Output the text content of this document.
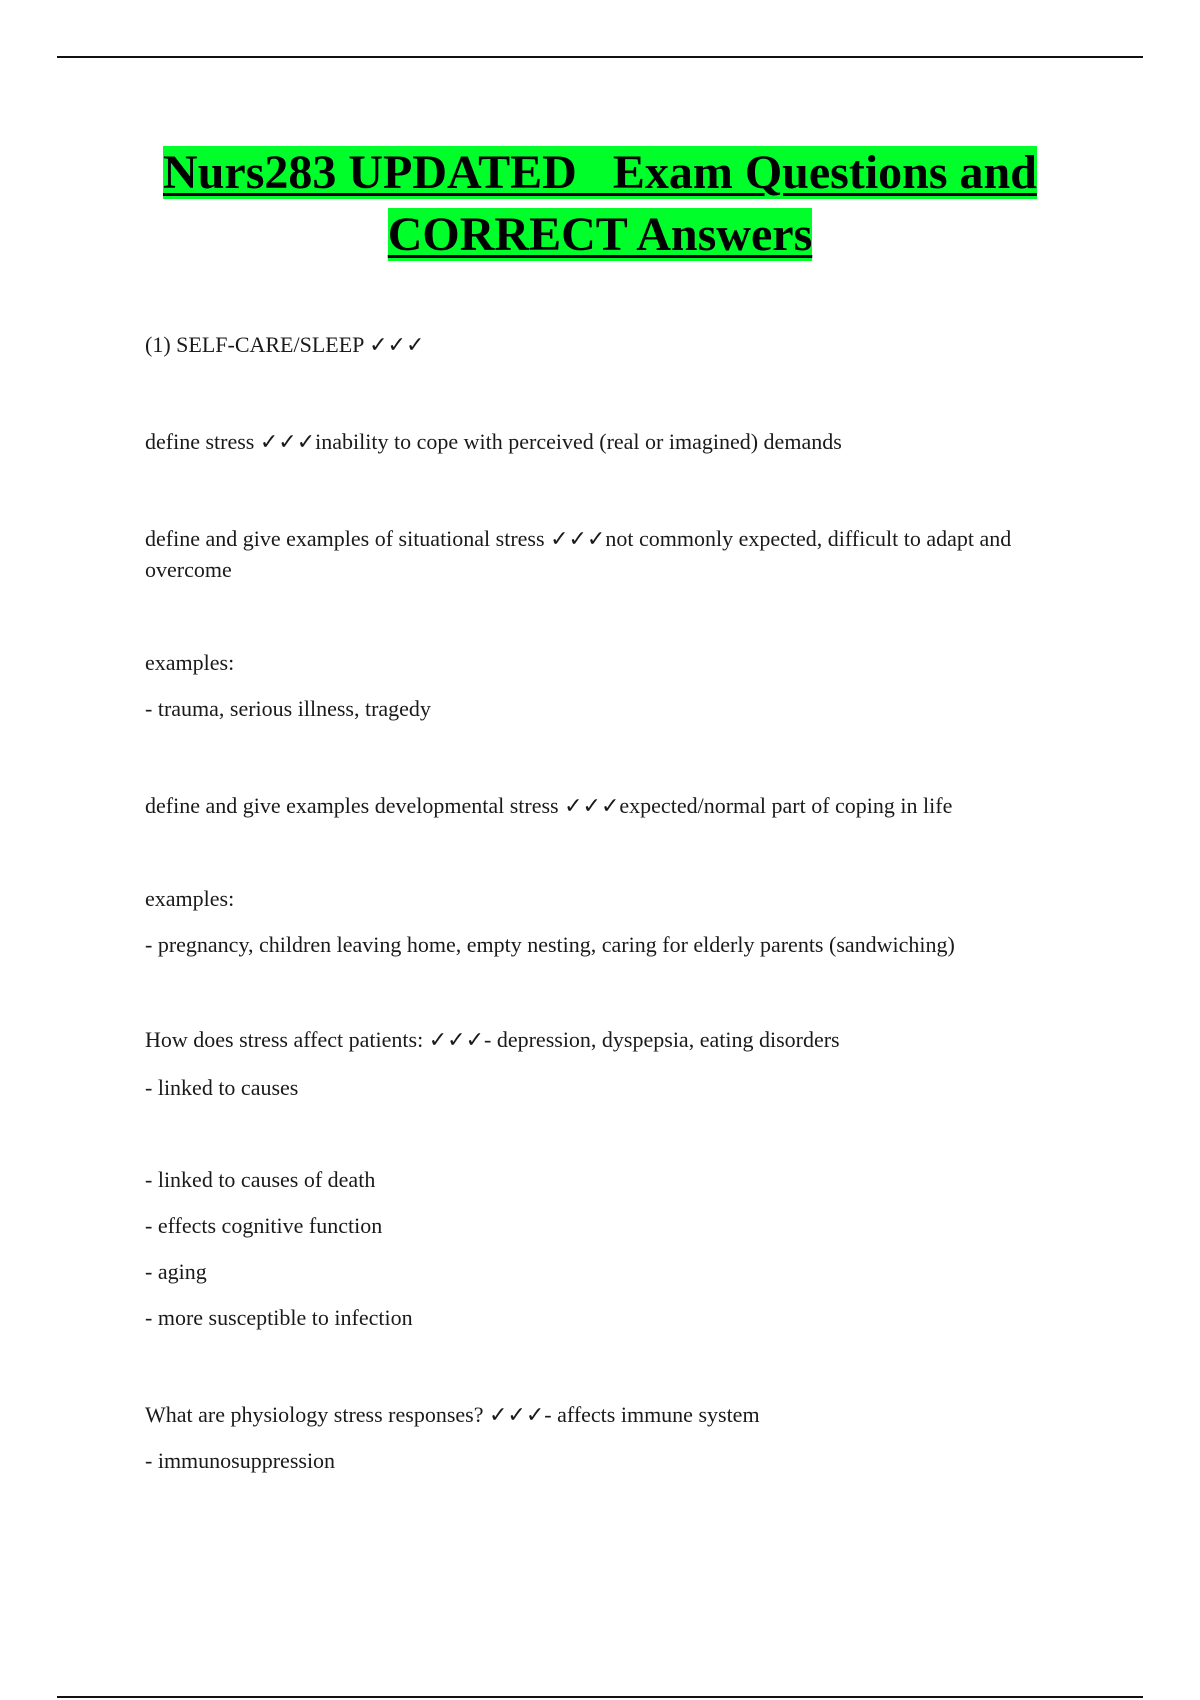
Nurs283 UPDATED   Exam Questions and
CORRECT Answers

(1) SELF-CARE/SLEEP ✓✓✓

define stress ✓✓✓inability to cope with perceived (real or imagined) demands

define and give examples of situational stress ✓✓✓not commonly expected, difficult to adapt and overcome

examples:

- trauma, serious illness, tragedy

define and give examples developmental stress ✓✓✓expected/normal part of coping in life

examples:

- pregnancy, children leaving home, empty nesting, caring for elderly parents (sandwiching)

How does stress affect patients: ✓✓✓- depression, dyspepsia, eating disorders

- linked to causes

- linked to causes of death

- effects cognitive function

- aging

- more susceptible to infection

What are physiology stress responses? ✓✓✓- affects immune system

- immunosuppression
